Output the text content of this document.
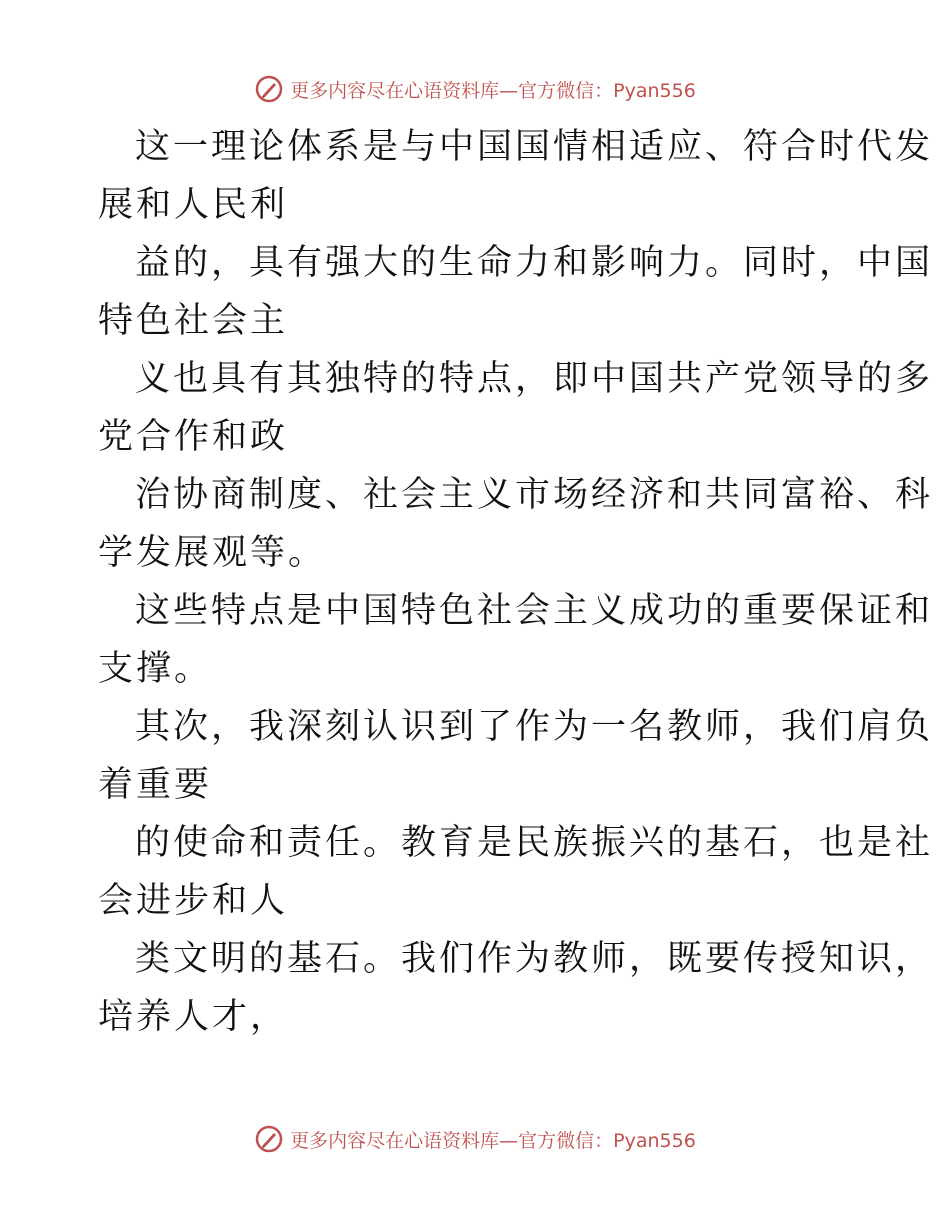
更多内容尽在心语资料库—官方微信：Pyan556

这一理论体系是与中国国情相适应、符合时代发

展和人民利

益的，具有强大的生命力和影响力。同时，中国

特色社会主

义也具有其独特的特点，即中国共产党领导的多

党合作和政

治协商制度、社会主义市场经济和共同富裕、科

学发展观等。

这些特点是中国特色社会主义成功的重要保证和

支撑。

其次，我深刻认识到了作为一名教师，我们肩负

着重要

的使命和责任。教育是民族振兴的基石，也是社

会进步和人

类文明的基石。我们作为教师，既要传授知识，

培养人才，

更多内容尽在心语资料库—官方微信：Pyan556
